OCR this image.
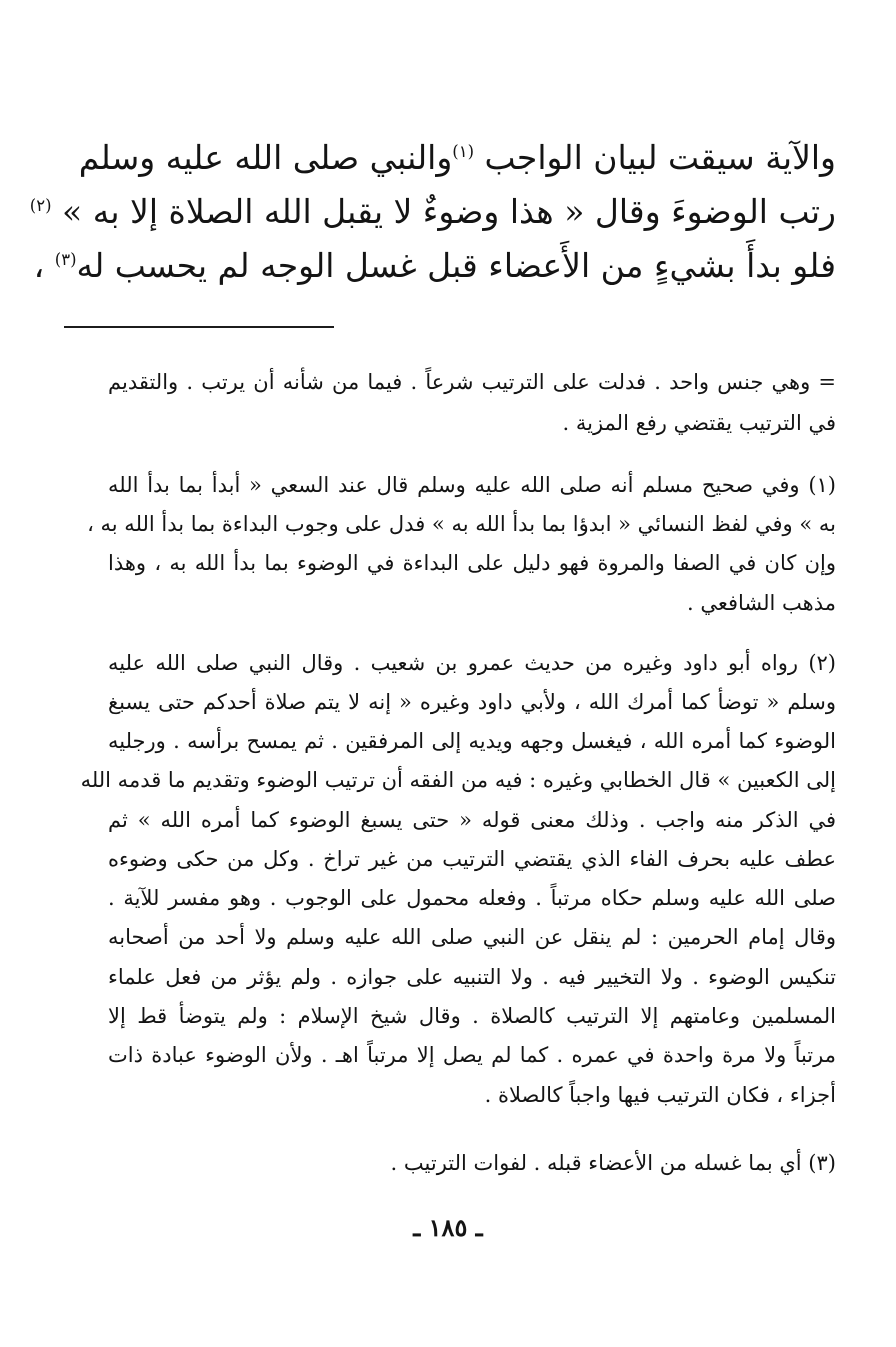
والآية سيقت لبيان الواجب $^{(١)}$والنبي صلى الله عليه وسلم
رتب الوضوءَ وقال « هذا وضوءٌ لا يقبل الله الصلاة إلا به » $^{(٢)}$
فلو بدأَ بشيءٍ من الأَعضاء قبل غسل الوجه لم يحسب له$^{(٣)}$ ،
= وهي جنس واحد . فدلت على الترتيب شرعاً . فيما من شأنه أن يرتب . والتقديم
في الترتيب يقتضي رفع المزية .
(١) وفي صحيح مسلم أنه صلى الله عليه وسلم قال عند السعي « أبدأ بما بدأ الله
به » وفي لفظ النسائي « ابدؤا بما بدأ الله به » فدل على وجوب البداءة بما بدأ الله به ،
وإن كان في الصفا والمروة فهو دليل على البداءة في الوضوء بما بدأ الله به ، وهذا
مذهب الشافعي .
(٢) رواه أبو داود وغيره من حديث عمرو بن شعيب . وقال النبي صلى الله عليه
وسلم « توضأ كما أمرك الله ، ولأبي داود وغيره « إنه لا يتم صلاة أحدكم حتى يسبغ
الوضوء كما أمره الله ، فيغسل وجهه ويديه إلى المرفقين . ثم يمسح برأسه . ورجليه
إلى الكعبين » قال الخطابي وغيره : فيه من الفقه أن ترتيب الوضوء وتقديم ما قدمه الله
في الذكر منه واجب . وذلك معنى قوله « حتى يسبغ الوضوء كما أمره الله » ثم
عطف عليه بحرف الفاء الذي يقتضي الترتيب من غير تراخ . وكل من حكى وضوءه
صلى الله عليه وسلم حكاه مرتباً . وفعله محمول على الوجوب . وهو مفسر للآية .
وقال إمام الحرمين : لم ينقل عن النبي صلى الله عليه وسلم ولا أحد من أصحابه
تنكيس الوضوء . ولا التخيير فيه . ولا التنبيه على جوازه . ولم يؤثر من فعل علماء
المسلمين وعامتهم إلا الترتيب كالصلاة . وقال شيخ الإسلام : ولم يتوضأ قط إلا
مرتباً ولا مرة واحدة في عمره . كما لم يصل إلا مرتباً اهـ . ولأن الوضوء عبادة ذات
أجزاء ، فكان الترتيب فيها واجباً كالصلاة .
(٣) أي بما غسله من الأعضاء قبله . لفوات الترتيب .
ـ ١٨٥ ـ
